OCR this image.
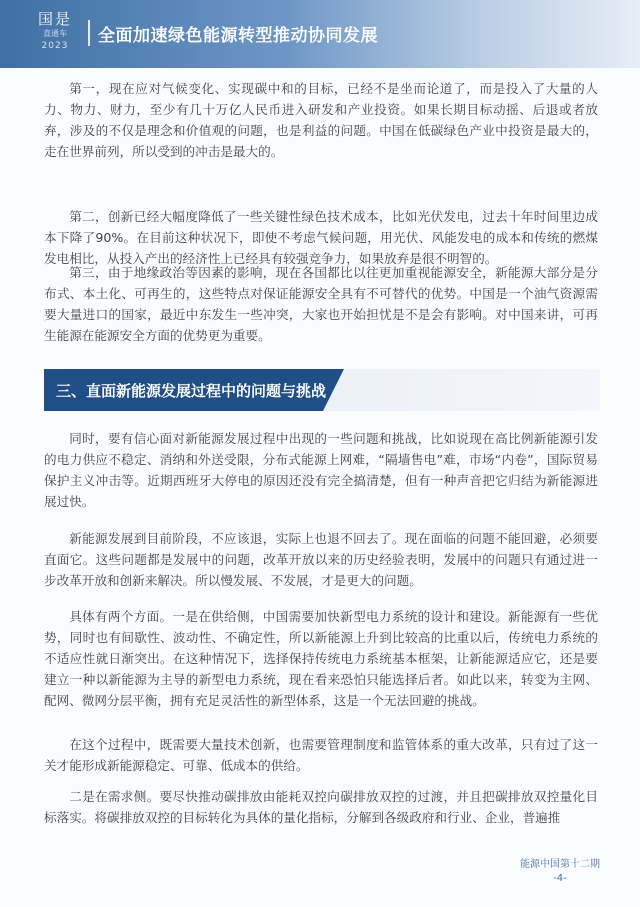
国是
直通车
2023	全面加速绿色能源转型推动协同发展

第一，现在应对气候变化、实现碳中和的目标，已经不是坐而论道了，而是投入了大量的人力、物力、财力，至少有几十万亿人民币进入研发和产业投资。如果长期目标动摇、后退或者放弃，涉及的不仅是理念和价值观的问题，也是利益的问题。中国在低碳绿色产业中投资是最大的，走在世界前列，所以受到的冲击是最大的。

第二，创新已经大幅度降低了一些关键性绿色技术成本，比如光伏发电，过去十年时间里边成本下降了90%。在目前这种状况下，即使不考虑气候问题，用光伏、风能发电的成本和传统的燃煤发电相比，从投入产出的经济性上已经具有较强竞争力，如果放弃是很不明智的。

第三，由于地缘政治等因素的影响，现在各国都比以往更加重视能源安全，新能源大部分是分布式、本土化、可再生的，这些特点对保证能源安全具有不可替代的优势。中国是一个油气资源需要大量进口的国家，最近中东发生一些冲突，大家也开始担忧是不是会有影响。对中国来讲，可再生能源在能源安全方面的优势更为重要。

三、直面新能源发展过程中的问题与挑战

同时，要有信心面对新能源发展过程中出现的一些问题和挑战，比如说现在高比例新能源引发的电力供应不稳定、消纳和外送受限，分布式能源上网难，“隔墙售电”难，市场“内卷”，国际贸易保护主义冲击等。近期西班牙大停电的原因还没有完全搞清楚，但有一种声音把它归结为新能源进展过快。

新能源发展到目前阶段，不应该退，实际上也退不回去了。现在面临的问题不能回避，必须要直面它。这些问题都是发展中的问题，改革开放以来的历史经验表明，发展中的问题只有通过进一步改革开放和创新来解决。所以慢发展、不发展，才是更大的问题。

具体有两个方面。一是在供给侧，中国需要加快新型电力系统的设计和建设。新能源有一些优势，同时也有间歇性、波动性、不确定性，所以新能源上升到比较高的比重以后，传统电力系统的不适应性就日渐突出。在这种情况下，选择保持传统电力系统基本框架，让新能源适应它，还是要建立一种以新能源为主导的新型电力系统，现在看来恐怕只能选择后者。如此以来，转变为主网、配网、微网分层平衡，拥有充足灵活性的新型体系，这是一个无法回避的挑战。

在这个过程中，既需要大量技术创新，也需要管理制度和监管体系的重大改革，只有过了这一关才能形成新能源稳定、可靠、低成本的供给。

二是在需求侧。要尽快推动碳排放由能耗双控向碳排放双控的过渡，并且把碳排放双控量化目标落实。将碳排放双控的目标转化为具体的量化指标，分解到各级政府和行业、企业，普遍推

能源中国第十二期
-4-
